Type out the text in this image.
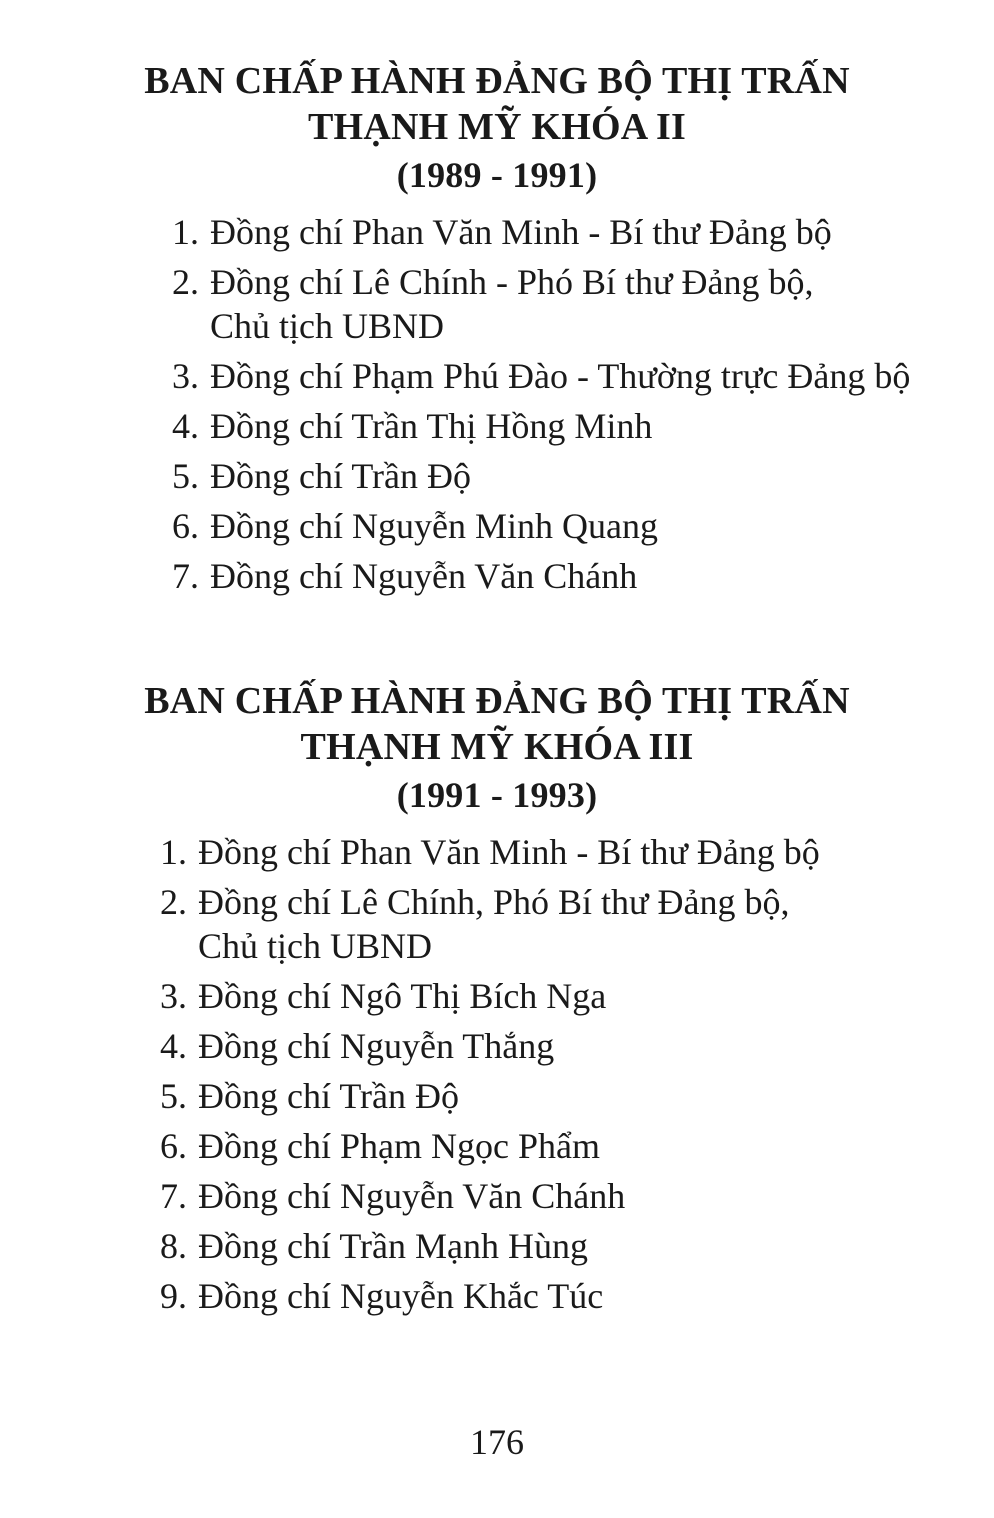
BAN CHẤP HÀNH ĐẢNG BỘ THỊ TRẤN
THẠNH MỸ KHÓA II
(1989 - 1991)
1. Đồng chí Phan Văn Minh - Bí thư Đảng bộ
2. Đồng chí Lê Chính - Phó Bí thư Đảng bộ,
Chủ tịch UBND
3. Đồng chí Phạm Phú Đào - Thường trực Đảng bộ
4. Đồng chí Trần Thị Hồng Minh
5. Đồng chí Trần Độ
6. Đồng chí Nguyễn Minh Quang
7. Đồng chí Nguyễn Văn Chánh
BAN CHẤP HÀNH ĐẢNG BỘ THỊ TRẤN
THẠNH MỸ KHÓA III
(1991 - 1993)
1. Đồng chí Phan Văn Minh - Bí thư Đảng bộ
2. Đồng chí Lê Chính, Phó Bí thư Đảng bộ,
Chủ tịch UBND
3. Đồng chí Ngô Thị Bích Nga
4. Đồng chí Nguyễn Thắng
5. Đồng chí Trần Độ
6. Đồng chí Phạm Ngọc Phẩm
7. Đồng chí Nguyễn Văn Chánh
8. Đồng chí Trần Mạnh Hùng
9. Đồng chí Nguyễn Khắc Túc
176
